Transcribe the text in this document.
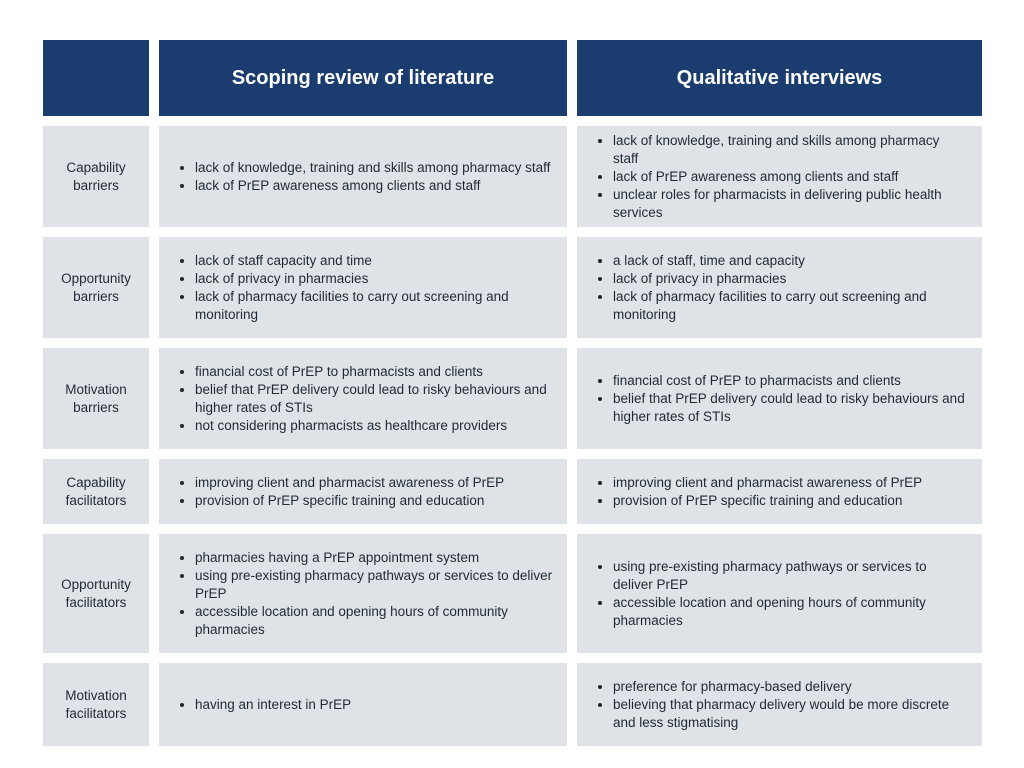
Scoping review of literature	Qualitative interviews
Capability
barriers
• lack of knowledge, training and skills among pharmacy staff
• lack of PrEP awareness among clients and staff
• lack of knowledge, training and skills among pharmacy staff
• lack of PrEP awareness among clients and staff
• unclear roles for pharmacists in delivering public health services
Opportunity
barriers
• lack of staff capacity and time
• lack of privacy in pharmacies
• lack of pharmacy facilities to carry out screening and monitoring
• a lack of staff, time and capacity
• lack of privacy in pharmacies
• lack of pharmacy facilities to carry out screening and monitoring
Motivation
barriers
• financial cost of PrEP to pharmacists and clients
• belief that PrEP delivery could lead to risky behaviours and higher rates of STIs
• not considering pharmacists as healthcare providers
• financial cost of PrEP to pharmacists and clients
• belief that PrEP delivery could lead to risky behaviours and higher rates of STIs
Capability
facilitators
• improving client and pharmacist awareness of PrEP
• provision of PrEP specific training and education
• improving client and pharmacist awareness of PrEP
• provision of PrEP specific training and education
Opportunity
facilitators
• pharmacies having a PrEP appointment system
• using pre-existing pharmacy pathways or services to deliver PrEP
• accessible location and opening hours of community pharmacies
• using pre-existing pharmacy pathways or services to deliver PrEP
• accessible location and opening hours of community pharmacies
Motivation
facilitators
• having an interest in PrEP
• preference for pharmacy-based delivery
• believing that pharmacy delivery would be more discrete and less stigmatising
